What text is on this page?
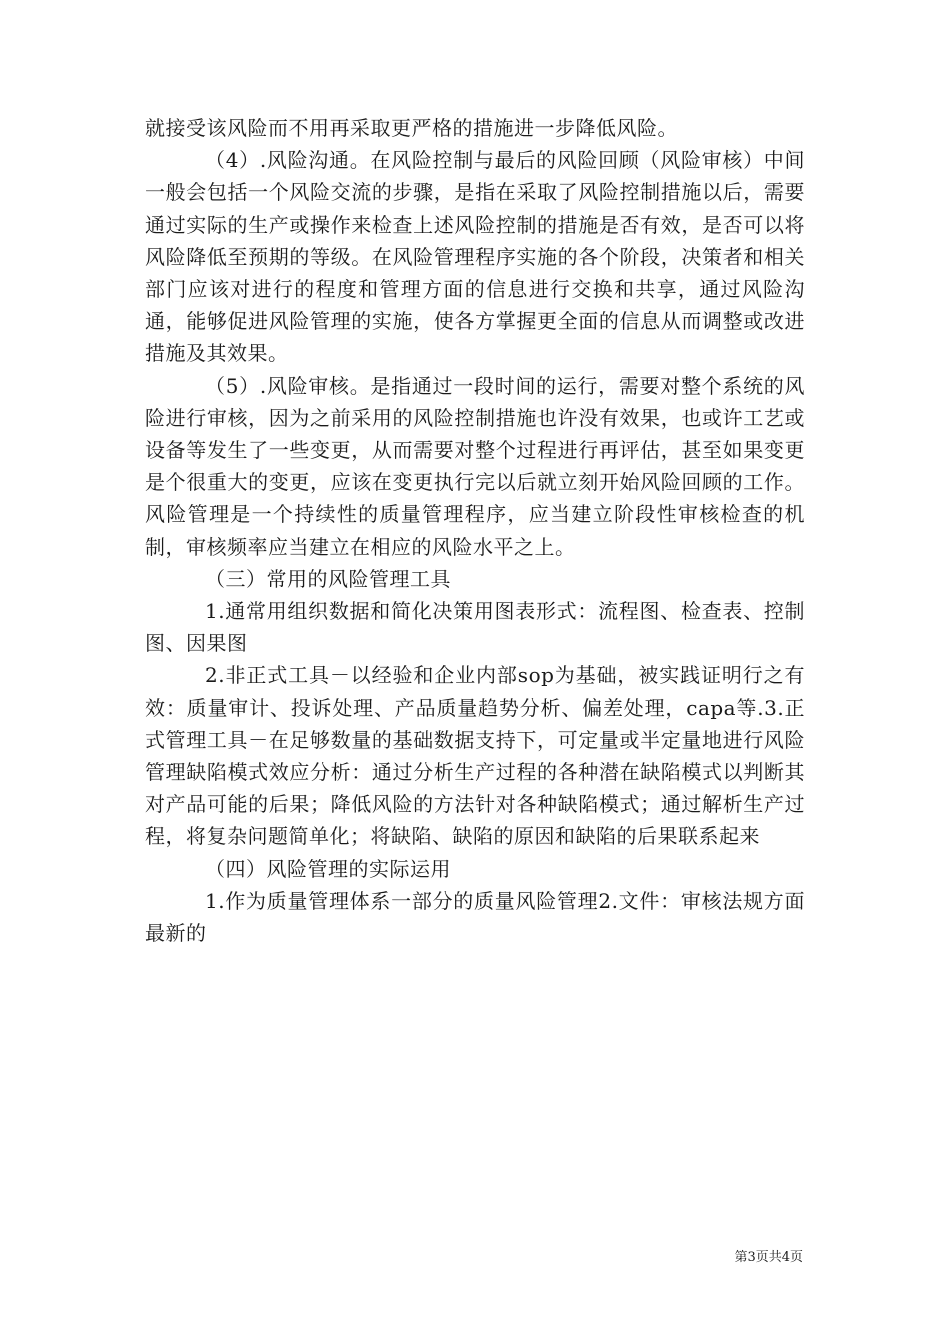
就接受该风险而不用再采取更严格的措施进一步降低风险。

（4）.风险沟通。在风险控制与最后的风险回顾（风险审核）中间一般会包括一个风险交流的步骤，是指在采取了风险控制措施以后，需要通过实际的生产或操作来检查上述风险控制的措施是否有效，是否可以将风险降低至预期的等级。在风险管理程序实施的各个阶段，决策者和相关部门应该对进行的程度和管理方面的信息进行交换和共享，通过风险沟通，能够促进风险管理的实施，使各方掌握更全面的信息从而调整或改进措施及其效果。

（5）.风险审核。是指通过一段时间的运行，需要对整个系统的风险进行审核，因为之前采用的风险控制措施也许没有效果，也或许工艺或设备等发生了一些变更，从而需要对整个过程进行再评估，甚至如果变更是个很重大的变更，应该在变更执行完以后就立刻开始风险回顾的工作。风险管理是一个持续性的质量管理程序，应当建立阶段性审核检查的机制，审核频率应当建立在相应的风险水平之上。

（三）常用的风险管理工具

1.通常用组织数据和简化决策用图表形式：流程图、检查表、控制图、因果图

2.非正式工具－以经验和企业内部sop为基础，被实践证明行之有效：质量审计、投诉处理、产品质量趋势分析、偏差处理，capa等.3.正式管理工具－在足够数量的基础数据支持下，可定量或半定量地进行风险管理缺陷模式效应分析：通过分析生产过程的各种潜在缺陷模式以判断其对产品可能的后果；降低风险的方法针对各种缺陷模式；通过解析生产过程，将复杂问题简单化；将缺陷、缺陷的原因和缺陷的后果联系起来

（四）风险管理的实际运用

1.作为质量管理体系一部分的质量风险管理2.文件：审核法规方面最新的

第3页共4页
